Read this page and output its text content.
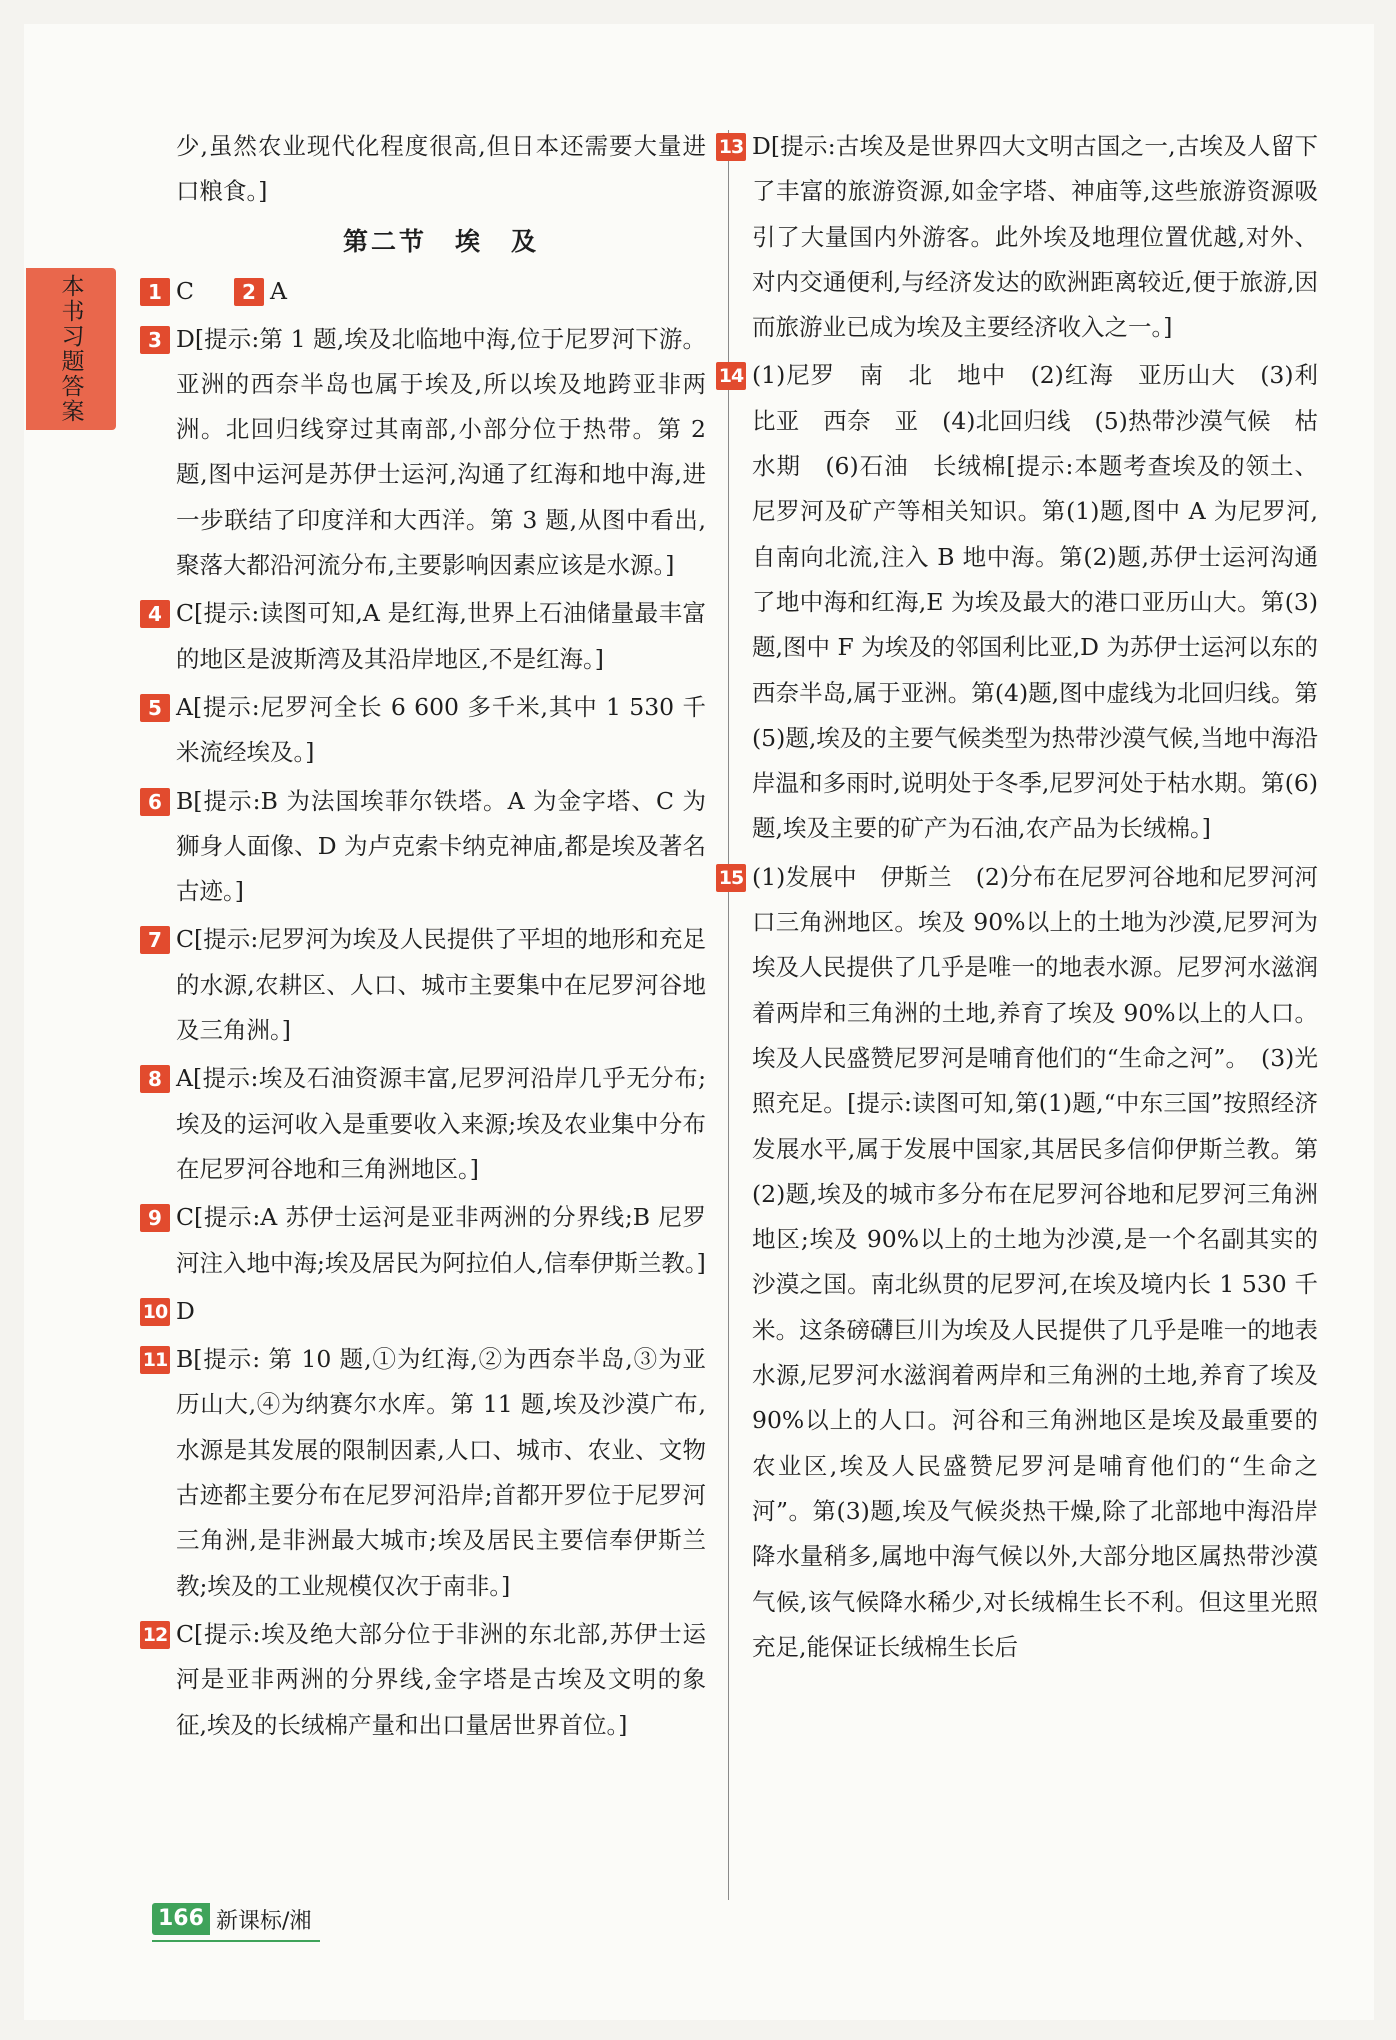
本书习题答案

少,虽然农业现代化程度很高,但日本还需要大量进口粮食。]

第二节　埃　及
1 C	2 A
3 D[提示:第 1 题,埃及北临地中海,位于尼罗河下游。亚洲的西奈半岛也属于埃及,所以埃及地跨亚非两洲。北回归线穿过其南部,小部分位于热带。第 2 题,图中运河是苏伊士运河,沟通了红海和地中海,进一步联结了印度洋和大西洋。第 3 题,从图中看出,聚落大都沿河流分布,主要影响因素应该是水源。]
4 C[提示:读图可知,A 是红海,世界上石油储量最丰富的地区是波斯湾及其沿岸地区,不是红海。]
5 A[提示:尼罗河全长 6 600 多千米,其中 1 530 千米流经埃及。]
6 B[提示:B 为法国埃菲尔铁塔。A 为金字塔、C 为狮身人面像、D 为卢克索卡纳克神庙,都是埃及著名古迹。]
7 C[提示:尼罗河为埃及人民提供了平坦的地形和充足的水源,农耕区、人口、城市主要集中在尼罗河谷地及三角洲。]
8 A[提示:埃及石油资源丰富,尼罗河沿岸几乎无分布;埃及的运河收入是重要收入来源;埃及农业集中分布在尼罗河谷地和三角洲地区。]
9 C[提示:A 苏伊士运河是亚非两洲的分界线;B 尼罗河注入地中海;埃及居民为阿拉伯人,信奉伊斯兰教。]
10 D
11 B[提示: 第 10 题,①为红海,②为西奈半岛,③为亚历山大,④为纳赛尔水库。第 11 题,埃及沙漠广布,水源是其发展的限制因素,人口、城市、农业、文物古迹都主要分布在尼罗河沿岸;首都开罗位于尼罗河三角洲,是非洲最大城市;埃及居民主要信奉伊斯兰教;埃及的工业规模仅次于南非。]
12 C[提示:埃及绝大部分位于非洲的东北部,苏伊士运河是亚非两洲的分界线,金字塔是古埃及文明的象征,埃及的长绒棉产量和出口量居世界首位。]
13 D[提示:古埃及是世界四大文明古国之一,古埃及人留下了丰富的旅游资源,如金字塔、神庙等,这些旅游资源吸引了大量国内外游客。此外埃及地理位置优越,对外、对内交通便利,与经济发达的欧洲距离较近,便于旅游,因而旅游业已成为埃及主要经济收入之一。]
14 (1)尼罗　南　北　地中　(2)红海　亚历山大　(3)利比亚　西奈　亚　(4)北回归线　(5)热带沙漠气候　枯水期　(6)石油　长绒棉[提示:本题考查埃及的领土、尼罗河及矿产等相关知识。第(1)题,图中 A 为尼罗河,自南向北流,注入 B 地中海。第(2)题,苏伊士运河沟通了地中海和红海,E 为埃及最大的港口亚历山大。第(3)题,图中 F 为埃及的邻国利比亚,D 为苏伊士运河以东的西奈半岛,属于亚洲。第(4)题,图中虚线为北回归线。第(5)题,埃及的主要气候类型为热带沙漠气候,当地中海沿岸温和多雨时,说明处于冬季,尼罗河处于枯水期。第(6)题,埃及主要的矿产为石油,农产品为长绒棉。]
15 (1)发展中　伊斯兰　(2)分布在尼罗河谷地和尼罗河河口三角洲地区。埃及 90%以上的土地为沙漠,尼罗河为埃及人民提供了几乎是唯一的地表水源。尼罗河水滋润着两岸和三角洲的土地,养育了埃及 90%以上的人口。埃及人民盛赞尼罗河是哺育他们的“生命之河”。　(3)光照充足。[提示:读图可知,第(1)题,“中东三国”按照经济发展水平,属于发展中国家,其居民多信仰伊斯兰教。第(2)题,埃及的城市多分布在尼罗河谷地和尼罗河三角洲地区;埃及 90%以上的土地为沙漠,是一个名副其实的沙漠之国。南北纵贯的尼罗河,在埃及境内长 1 530 千米。这条磅礴巨川为埃及人民提供了几乎是唯一的地表水源,尼罗河水滋润着两岸和三角洲的土地,养育了埃及 90%以上的人口。河谷和三角洲地区是埃及最重要的农业区,埃及人民盛赞尼罗河是哺育他们的“生命之河”。第(3)题,埃及气候炎热干燥,除了北部地中海沿岸降水量稍多,属地中海气候以外,大部分地区属热带沙漠气候,该气候降水稀少,对长绒棉生长不利。但这里光照充足,能保证长绒棉生长后
166 新课标/湘
